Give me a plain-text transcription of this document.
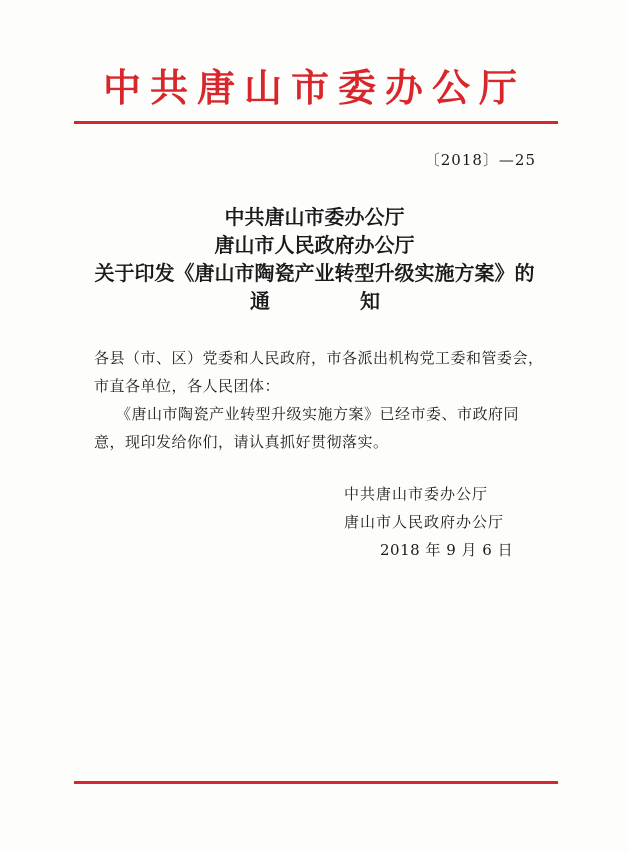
中共唐山市委办公厅
〔2018〕—25
中共唐山市委办公厅
唐山市人民政府办公厅
关于印发《唐山市陶瓷产业转型升级实施方案》的
通	知
各县（市、区）党委和人民政府，市各派出机构党工委和管委会，
市直各单位，各人民团体：
《唐山市陶瓷产业转型升级实施方案》已经市委、市政府同
意，现印发给你们，请认真抓好贯彻落实。
中共唐山市委办公厅
唐山市人民政府办公厅
2018 年 9 月 6 日
